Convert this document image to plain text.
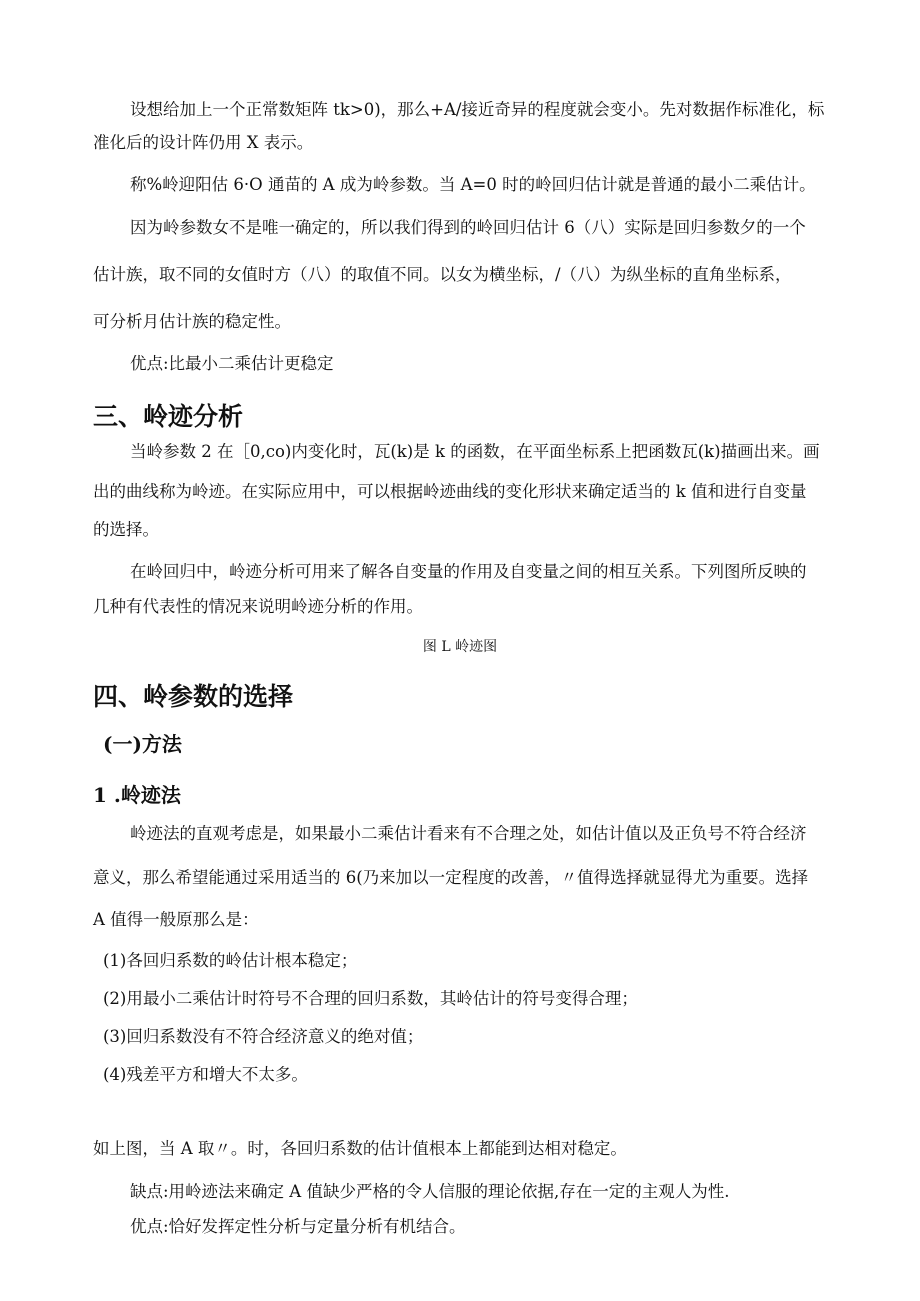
设想给加上一个正常数矩阵 tk>0)，那么+A/接近奇异的程度就会变小。先对数据作标准化，标

准化后的设计阵仍用 X 表示。

称%岭迎阳估 6·O 通苗的 A 成为岭参数。当 A=0 时的岭回归估计就是普通的最小二乘估计。

因为岭参数女不是唯一确定的，所以我们得到的岭回归估计 6（八）实际是回归参数夕的一个

估计族，取不同的女值时方（八）的取值不同。以女为横坐标，/（八）为纵坐标的直角坐标系，

可分析月估计族的稳定性。

优点:比最小二乘估计更稳定

三、岭迹分析

当岭参数 2 在［0,co)内变化时，瓦(k)是 k 的函数，在平面坐标系上把函数瓦(k)描画出来。画

出的曲线称为岭迹。在实际应用中，可以根据岭迹曲线的变化形状来确定适当的 k 值和进行自变量

的选择。

在岭回归中，岭迹分析可用来了解各自变量的作用及自变量之间的相互关系。下列图所反映的

几种有代表性的情况来说明岭迹分析的作用。

图 L 岭迹图

四、岭参数的选择
(一)方法
1 .岭迹法

岭迹法的直观考虑是，如果最小二乘估计看来有不合理之处，如估计值以及正负号不符合经济

意义，那么希望能通过采用适当的 6(乃来加以一定程度的改善，〃值得选择就显得尤为重要。选择

A 值得一般原那么是：

(1)各回归系数的岭估计根本稳定；

(2)用最小二乘估计时符号不合理的回归系数，其岭估计的符号变得合理；

(3)回归系数没有不符合经济意义的绝对值；

(4)残差平方和增大不太多。

如上图，当 A 取〃。时，各回归系数的估计值根本上都能到达相对稳定。

缺点:用岭迹法来确定 A 值缺少严格的令人信服的理论依据,存在一定的主观人为性.

优点:恰好发挥定性分析与定量分析有机结合。
